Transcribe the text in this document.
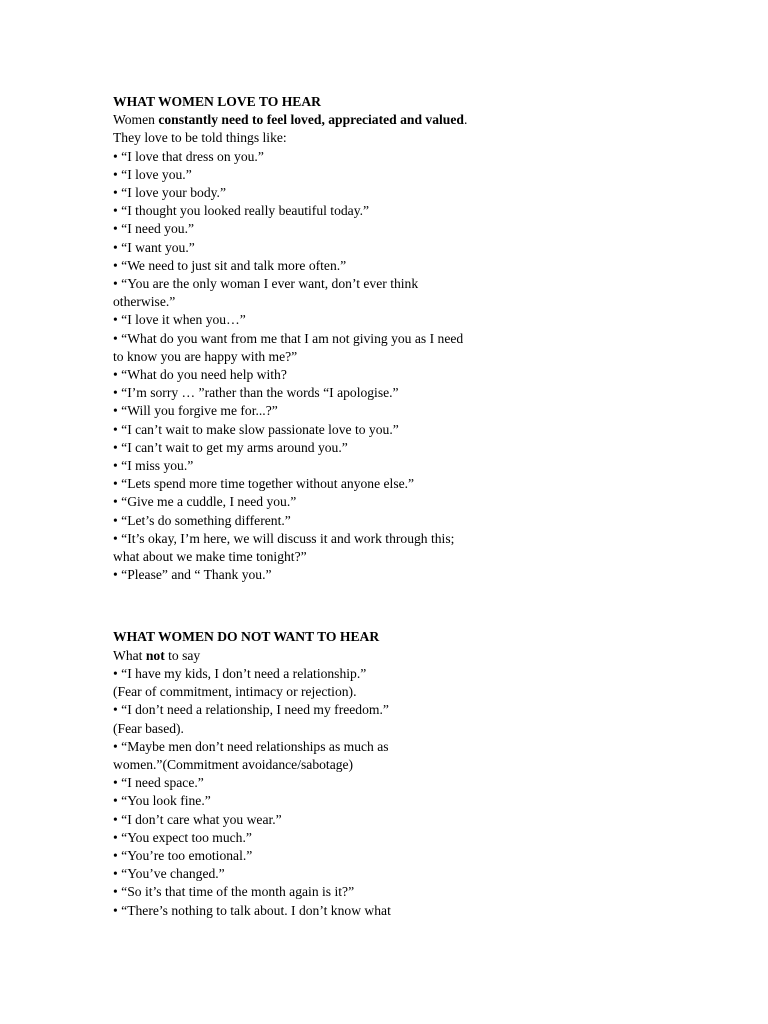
WHAT WOMEN LOVE TO HEAR

Women constantly need to feel loved, appreciated and valued. They love to be told things like:

• “I love that dress on you.”
• “I love you.”
• “I love your body.”
• “I thought you looked really beautiful today.”
• “I need you.”
• “I want you.”
• “We need to just sit and talk more often.”
• “You are the only woman I ever want, don’t ever think otherwise.”
• “I love it when you…”
• “What do you want from me that I am not giving you as I need to know you are happy with me?”
• “What do you need help with?
• “I’m sorry … ”rather than the words “I apologise.”
• “Will you forgive me for...?”
• “I can’t wait to make slow passionate love to you.”
• “I can’t wait to get my arms around you.”
• “I miss you.”
• “Lets spend more time together without anyone else.”
• “Give me a cuddle, I need you.”
• “Let’s do something different.”
• “It’s okay, I’m here, we will discuss it and work through this; what about we make time tonight?”
• “Please” and “ Thank you.”
WHAT WOMEN DO NOT WANT TO HEAR

What not to say

• “I have my kids, I don’t need a relationship.”
(Fear of commitment, intimacy or rejection).
• “I don’t need a relationship, I need my freedom.”
(Fear based).
• “Maybe men don’t need relationships as much as women.”(Commitment avoidance/sabotage)
• “I need space.”
• “You look fine.”
• “I don’t care what you wear.”
• “You expect too much.”
• “You’re too emotional.”
• “You’ve changed.”
• “So it’s that time of the month again is it?”
• “There’s nothing to talk about. I don’t know what
